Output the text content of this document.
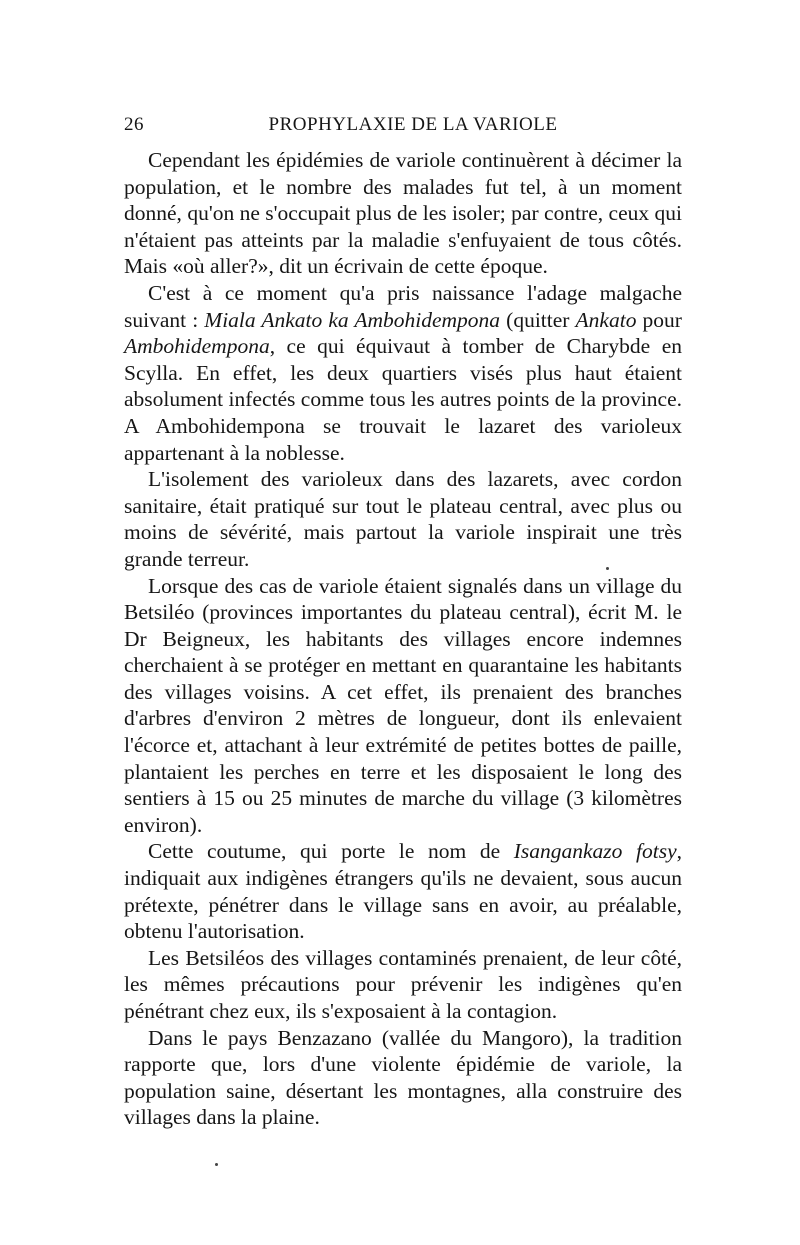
26	PROPHYLAXIE DE LA VARIOLE

Cependant les épidémies de variole continuèrent à décimer la population, et le nombre des malades fut tel, à un moment donné, qu'on ne s'occupait plus de les isoler; par contre, ceux qui n'étaient pas atteints par la maladie s'enfuyaient de tous côtés. Mais «où aller?», dit un écrivain de cette époque.

C'est à ce moment qu'a pris naissance l'adage malgache suivant : Miala Ankato ka Ambohidempona (quitter Ankato pour Ambohidempona, ce qui équivaut à tomber de Charybde en Scylla. En effet, les deux quartiers visés plus haut étaient absolument infectés comme tous les autres points de la province. A Ambohidempona se trouvait le lazaret des varioleux appartenant à la noblesse.

L'isolement des varioleux dans des lazarets, avec cordon sanitaire, était pratiqué sur tout le plateau central, avec plus ou moins de sévérité, mais partout la variole inspirait une très grande terreur.

Lorsque des cas de variole étaient signalés dans un village du Betsiléo (provinces importantes du plateau central), écrit M. le Dr Beigneux, les habitants des villages encore indemnes cherchaient à se protéger en mettant en quarantaine les habitants des villages voisins. A cet effet, ils prenaient des branches d'arbres d'environ 2 mètres de longueur, dont ils enlevaient l'écorce et, attachant à leur extrémité de petites bottes de paille, plantaient les perches en terre et les disposaient le long des sentiers à 15 ou 25 minutes de marche du village (3 kilomètres environ).

Cette coutume, qui porte le nom de Isangankazo fotsy, indiquait aux indigènes étrangers qu'ils ne devaient, sous aucun prétexte, pénétrer dans le village sans en avoir, au préalable, obtenu l'autorisation.

Les Betsiléos des villages contaminés prenaient, de leur côté, les mêmes précautions pour prévenir les indigènes qu'en pénétrant chez eux, ils s'exposaient à la contagion.

Dans le pays Benzazano (vallée du Mangoro), la tradition rapporte que, lors d'une violente épidémie de variole, la population saine, désertant les montagnes, alla construire des villages dans la plaine.
